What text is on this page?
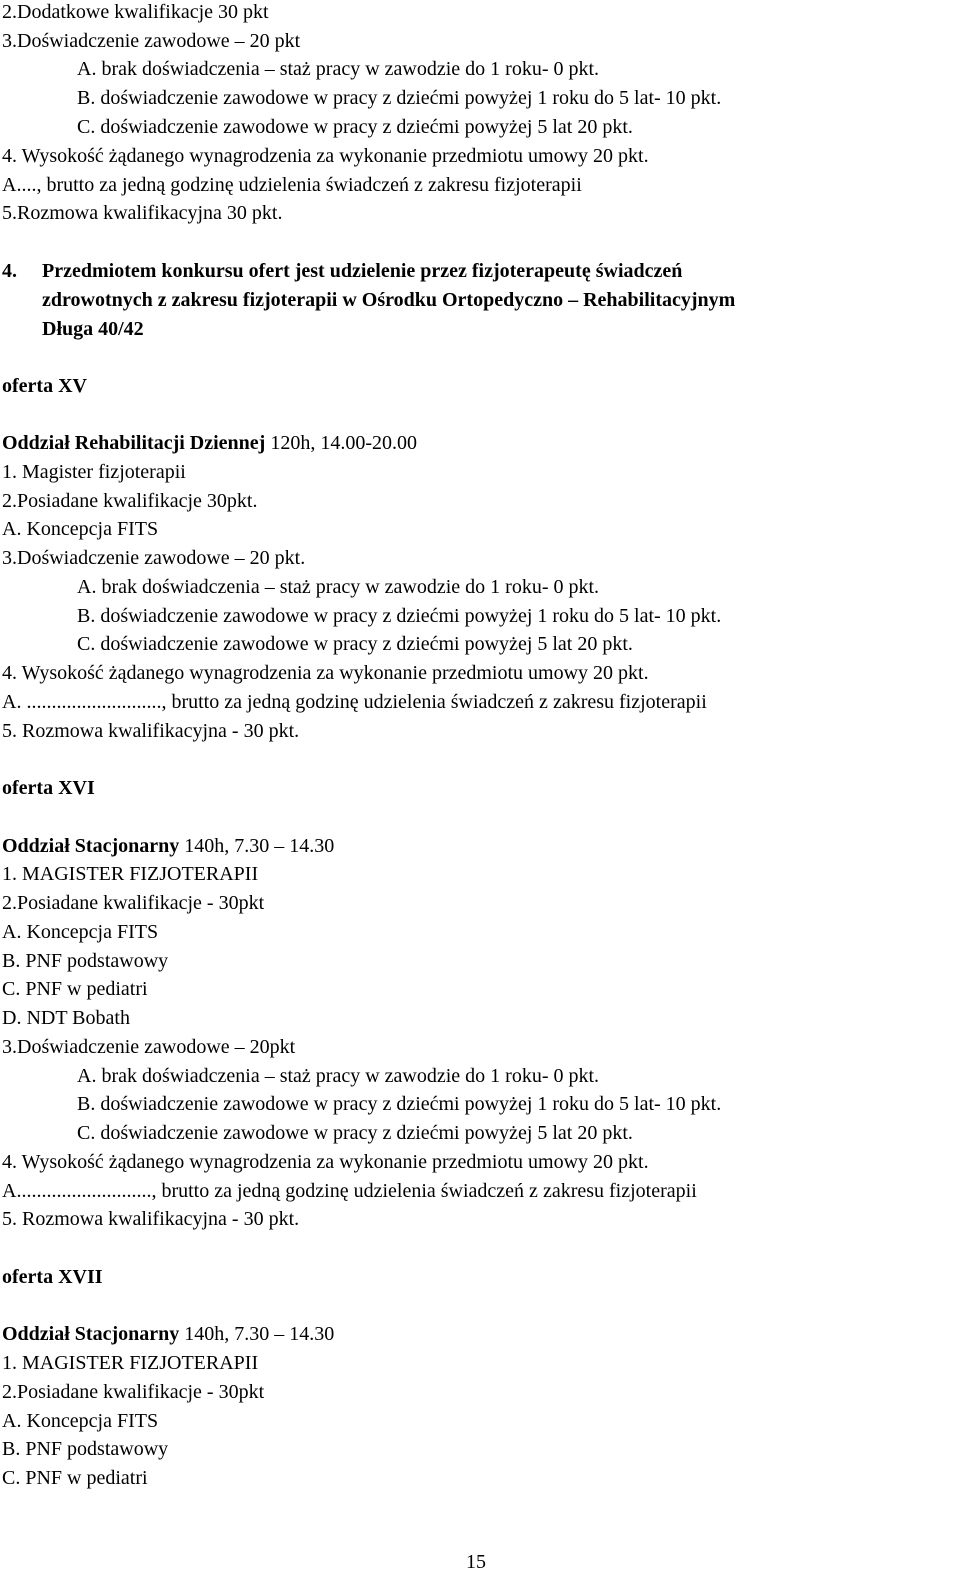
2.Dodatkowe kwalifikacje 30 pkt
3.Doświadczenie zawodowe – 20 pkt
A. brak doświadczenia – staż pracy w zawodzie do 1 roku- 0 pkt.
B. doświadczenie zawodowe w pracy z dziećmi powyżej 1 roku do 5 lat- 10 pkt.
C. doświadczenie zawodowe w pracy z dziećmi powyżej 5 lat 20 pkt.
4. Wysokość żądanego wynagrodzenia za wykonanie przedmiotu umowy 20 pkt.
A...., brutto za jedną godzinę udzielenia świadczeń z zakresu fizjoterapii
5.Rozmowa kwalifikacyjna 30 pkt.
4. Przedmiotem konkursu ofert jest udzielenie przez fizjoterapeutę świadczeń
zdrowotnych z zakresu fizjoterapii w Ośrodku Ortopedyczno – Rehabilitacyjnym
Długa 40/42
oferta XV
Oddział Rehabilitacji Dziennej 120h, 14.00-20.00
1. Magister fizjoterapii
2.Posiadane kwalifikacje 30pkt.
A. Koncepcja FITS
3.Doświadczenie zawodowe – 20 pkt.
A. brak doświadczenia – staż pracy w zawodzie do 1 roku- 0 pkt.
B. doświadczenie zawodowe w pracy z dziećmi powyżej 1 roku do 5 lat- 10 pkt.
C. doświadczenie zawodowe w pracy z dziećmi powyżej 5 lat 20 pkt.
4. Wysokość żądanego wynagrodzenia za wykonanie przedmiotu umowy 20 pkt.
A. ..........................., brutto za jedną godzinę udzielenia świadczeń z zakresu fizjoterapii
5. Rozmowa kwalifikacyjna - 30 pkt.
oferta XVI
Oddział Stacjonarny 140h, 7.30 – 14.30
1. MAGISTER FIZJOTERAPII
2.Posiadane kwalifikacje - 30pkt
A. Koncepcja FITS
B. PNF podstawowy
C. PNF w pediatri
D. NDT Bobath
3.Doświadczenie zawodowe – 20pkt
A. brak doświadczenia – staż pracy w zawodzie do 1 roku- 0 pkt.
B. doświadczenie zawodowe w pracy z dziećmi powyżej 1 roku do 5 lat- 10 pkt.
C. doświadczenie zawodowe w pracy z dziećmi powyżej 5 lat 20 pkt.
4. Wysokość żądanego wynagrodzenia za wykonanie przedmiotu umowy 20 pkt.
A..........................., brutto za jedną godzinę udzielenia świadczeń z zakresu fizjoterapii
5. Rozmowa kwalifikacyjna - 30 pkt.
oferta XVII
Oddział Stacjonarny 140h, 7.30 – 14.30
1. MAGISTER FIZJOTERAPII
2.Posiadane kwalifikacje - 30pkt
A. Koncepcja FITS
B. PNF podstawowy
C. PNF w pediatri
15
